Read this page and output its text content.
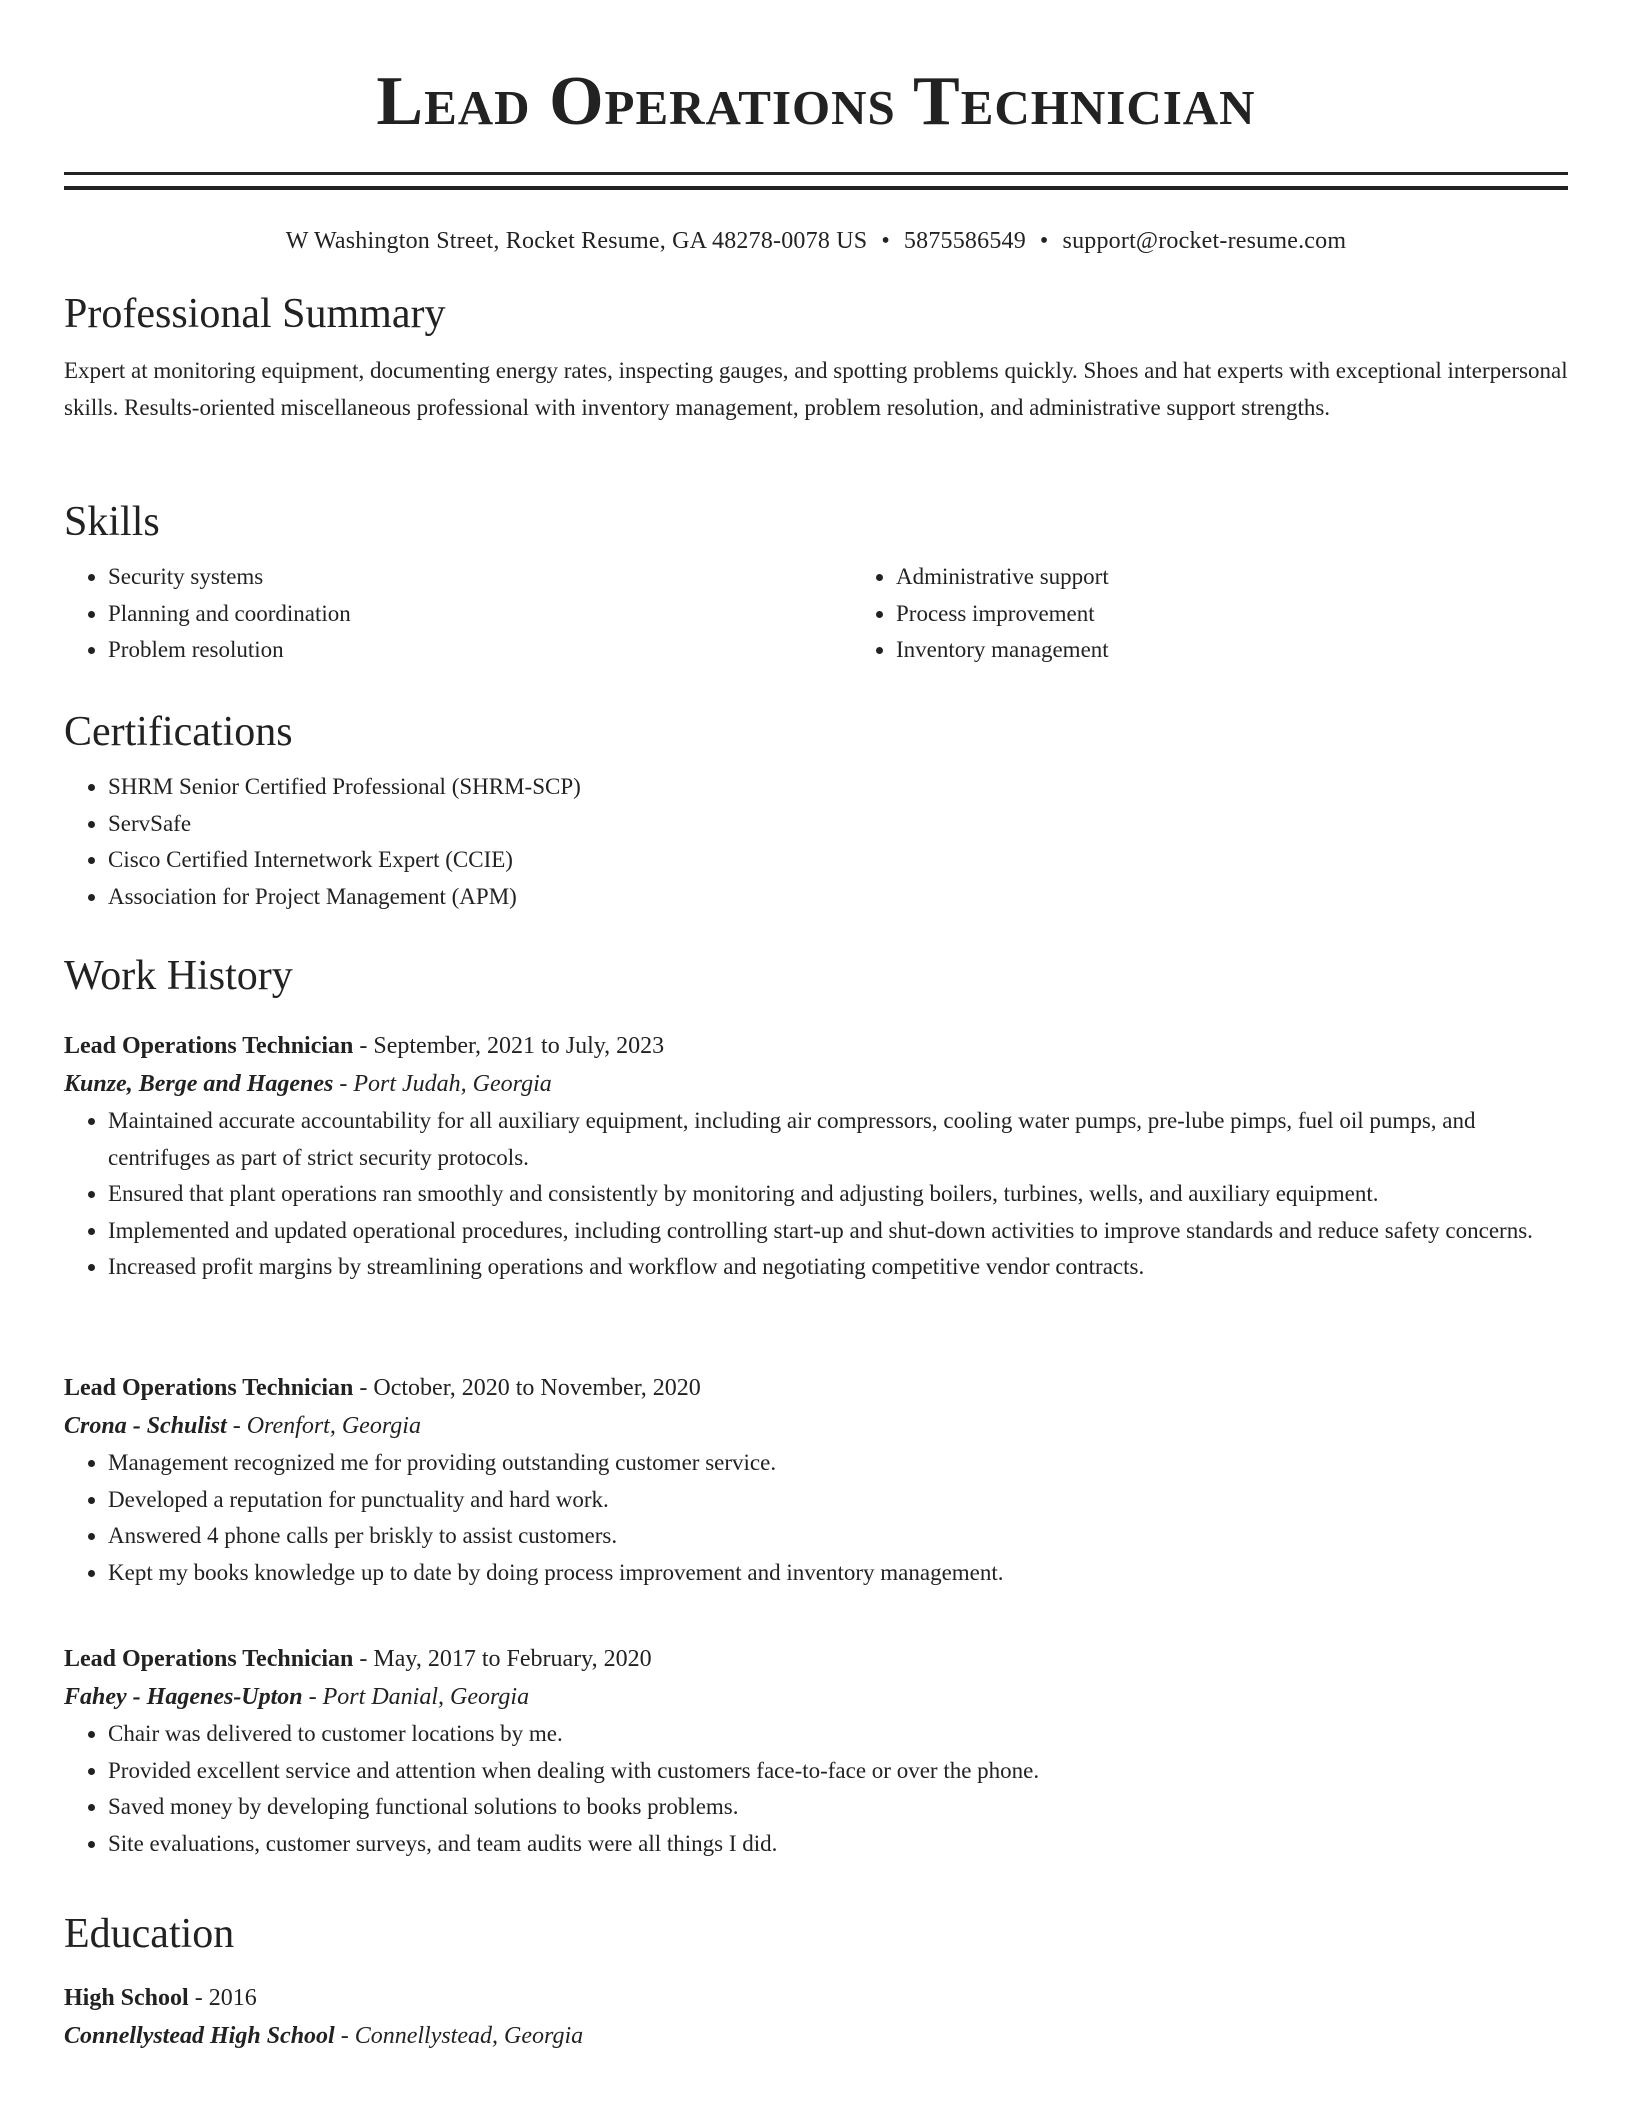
Lead Operations Technician
W Washington Street, Rocket Resume, GA 48278-0078 US • 5875586549 • support@rocket-resume.com
Professional Summary

Expert at monitoring equipment, documenting energy rates, inspecting gauges, and spotting problems quickly. Shoes and hat experts with exceptional interpersonal skills. Results-oriented miscellaneous professional with inventory management, problem resolution, and administrative support strengths.

Skills
• Security systems
• Planning and coordination
• Problem resolution
• Administrative support
• Process improvement
• Inventory management
Certifications
• SHRM Senior Certified Professional (SHRM-SCP)
• ServSafe
• Cisco Certified Internetwork Expert (CCIE)
• Association for Project Management (APM)
Work History

Lead Operations Technician - September, 2021 to July, 2023

Kunze, Berge and Hagenes - Port Judah, Georgia

• Maintained accurate accountability for all auxiliary equipment, including air compressors, cooling water pumps, pre-lube pimps, fuel oil pumps, and centrifuges as part of strict security protocols.
• Ensured that plant operations ran smoothly and consistently by monitoring and adjusting boilers, turbines, wells, and auxiliary equipment.
• Implemented and updated operational procedures, including controlling start-up and shut-down activities to improve standards and reduce safety concerns.
• Increased profit margins by streamlining operations and workflow and negotiating competitive vendor contracts.

Lead Operations Technician - October, 2020 to November, 2020

Crona - Schulist - Orenfort, Georgia

• Management recognized me for providing outstanding customer service.
• Developed a reputation for punctuality and hard work.
• Answered 4 phone calls per briskly to assist customers.
• Kept my books knowledge up to date by doing process improvement and inventory management.

Lead Operations Technician - May, 2017 to February, 2020

Fahey - Hagenes-Upton - Port Danial, Georgia

• Chair was delivered to customer locations by me.
• Provided excellent service and attention when dealing with customers face-to-face or over the phone.
• Saved money by developing functional solutions to books problems.
• Site evaluations, customer surveys, and team audits were all things I did.
Education

High School - 2016

Connellystead High School - Connellystead, Georgia
